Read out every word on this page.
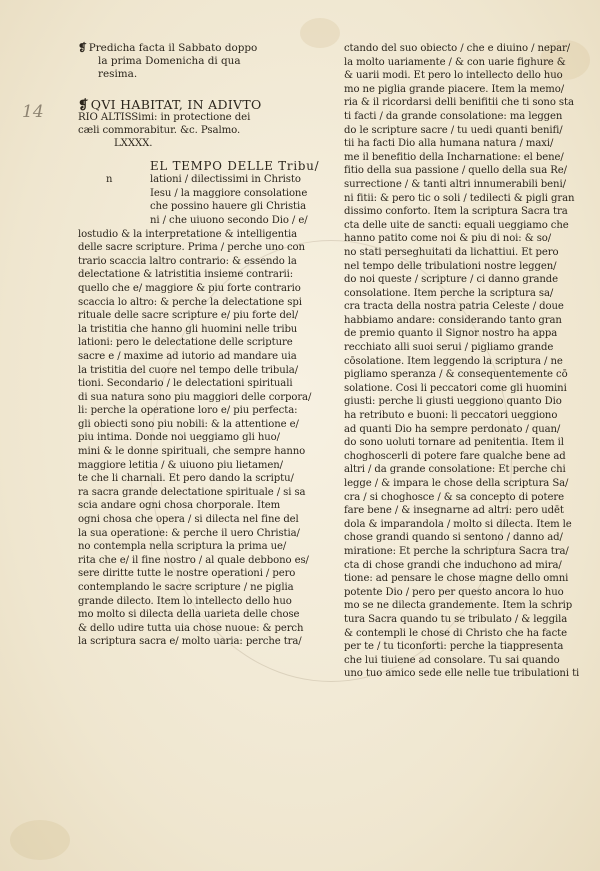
14
❡ Predicha facta il Sabbato doppo
la prima Domenicha di qua
resima.
❡ QVI HABITAT, IN ADIVTO
RIO ALTISSimi: in protectione dei
cæli commorabitur. &c. Psalmo.
LXXXX.
n
EL TEMPO DELLE Tribu/
lationi / dilectissimi in Christo
Iesu / la maggiore consolatione
che possino hauere gli Christia
ni / che uiuono secondo Dio / e/
lostudio & la interpretatione & intelligentia
delle sacre scripture. Prima / perche uno con
trario scaccia laltro contrario: & essendo la
delectatione & latristitia insieme contrarii:
quello che e/ maggiore & piu forte contrario
scaccia lo altro: & perche la delectatione spi
rituale delle sacre scripture e/ piu forte del/
la tristitia che hanno gli huomini nelle tribu
lationi: pero le delectatione delle scripture
sacre e / maxime ad iutorio ad mandare uia
la tristitia del cuore nel tempo delle tribula/
tioni. Secondario / le delectationi spirituali
di sua natura sono piu maggiori delle corpora/
li: perche la operatione loro e/ piu perfecta:
gli obiecti sono piu nobili: & la attentione e/
piu intima. Donde noi ueggiamo gli huo/
mini & le donne spirituali, che sempre hanno
maggiore letitia / & uiuono piu lietamen/
te che li charnali. Et pero dando la scriptu/
ra sacra grande delectatione spirituale / si sa
scia andare ogni chosa chorporale. Item
ogni chosa che opera / si dilecta nel fine del
la sua operatione: & perche il uero Christia/
no contempla nella scriptura la prima ue/
rita che e/ il fine nostro / al quale debbono es/
sere diritte tutte le nostre operationi / pero
contemplando le sacre scripture / ne piglia
grande dilecto. Item lo intellecto dello huo
mo molto si dilecta della uarieta delle chose
& dello udire tutta uia chose nuoue: & perch
la scriptura sacra e/ molto uaria: perche tra/
ctando del suo obiecto / che e diuino / nepar/
la molto uariamente / & con uarie fighure &
& uarii modi. Et pero lo intellecto dello huo
mo ne piglia grande piacere. Item la memo/
ria & il ricordarsi delli benifitii che ti sono sta
ti facti / da grande consolatione: ma leggen
do le scripture sacre / tu uedi quanti benifi/
tii ha facti Dio alla humana natura / maxi/
me il benefitio della Incharnatione: el bene/
fitio della sua passione / quello della sua Re/
surrectione / & tanti altri innumerabili beni/
ni fitii: & pero tic o soli / tedilecti & pigli gran
dissimo conforto. Item la scriptura Sacra tra
cta delle uite de sancti: equali ueggiamo che
hanno patito come noi & piu di noi: & so/
no stati perseghuitati da lichattiui. Et pero
nel tempo delle tribulationi nostre leggen/
do noi queste / scripture / ci danno grande
consolatione. Item perche la scriptura sa/
cra tracta della nostra patria Celeste / doue
habbiamo andare: considerando tanto gran
de premio quanto il Signor nostro ha appa
recchiato alli suoi serui / pigliamo grande
cōsolatione. Item leggendo la scriptura / ne
pigliamo speranza / & consequentemente cō
solatione. Cosi li peccatori come gli huomini
giusti: perche li giusti ueggiono quanto Dio
ha retributo e buoni: li peccatori ueggiono
ad quanti Dio ha sempre perdonato / quan/
do sono uoluti tornare ad penitentia. Item il
choghoscerli di potere fare qualche bene ad
altri / da grande consolatione: Et perche chi
legge / & impara le chose della scriptura Sa/
cra / si choghosce / & sa concepto di potere
fare bene / & insegnarne ad altri: pero udēt
dola & imparandola / molto si dilecta. Item le
chose grandi quando si sentono / danno ad/
miratione: Et perche la schriptura Sacra tra/
cta di chose grandi che induchono ad mira/
tione: ad pensare le chose magne dello omni
potente Dio / pero per questo ancora lo huo
mo se ne dilecta grandemente. Item la schrip
tura Sacra quando tu se tribulato / & leggila
& contempli le chose di Christo che ha facte
per te / tu ticonforti: perche la tiappresenta
che lui tiuiene ad consolare. Tu sai quando
uno tuo amico sede elle nelle tue tribulationi ti
